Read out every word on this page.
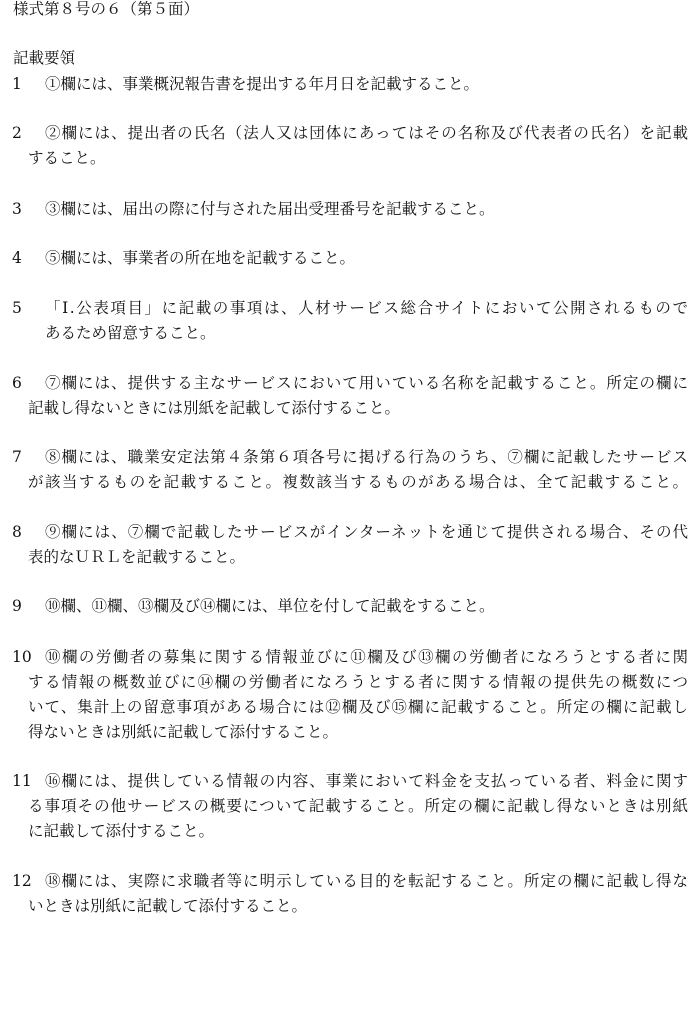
様式第８号の６（第５面）
記載要領
1	①欄には、事業概況報告書を提出する年月日を記載すること。
2	②欄には、提出者の氏名（法人又は団体にあってはその名称及び代表者の氏名）を記載
すること。
3	③欄には、届出の際に付与された届出受理番号を記載すること。
4	⑤欄には、事業者の所在地を記載すること。
5	「Ⅰ.公表項目」に記載の事項は、人材サービス総合サイトにおいて公開されるもので
あるため留意すること。
6	⑦欄には、提供する主なサービスにおいて用いている名称を記載すること。所定の欄に
記載し得ないときには別紙を記載して添付すること。
7	⑧欄には、職業安定法第４条第６項各号に掲げる行為のうち、⑦欄に記載したサービス
が該当するものを記載すること。複数該当するものがある場合は、全て記載すること。
8	⑨欄には、⑦欄で記載したサービスがインターネットを通じて提供される場合、その代
表的なＵＲＬを記載すること。
9	⑩欄、⑪欄、⑬欄及び⑭欄には、単位を付して記載をすること。
10 ⑩欄の労働者の募集に関する情報並びに⑪欄及び⑬欄の労働者になろうとする者に関
する情報の概数並びに⑭欄の労働者になろうとする者に関する情報の提供先の概数につ
いて、集計上の留意事項がある場合には⑫欄及び⑮欄に記載すること。所定の欄に記載し
得ないときは別紙に記載して添付すること。
11 ⑯欄には、提供している情報の内容、事業において料金を支払っている者、料金に関す
る事項その他サービスの概要について記載すること。所定の欄に記載し得ないときは別紙
に記載して添付すること。
12 ⑱欄には、実際に求職者等に明示している目的を転記すること。所定の欄に記載し得な
いときは別紙に記載して添付すること。
